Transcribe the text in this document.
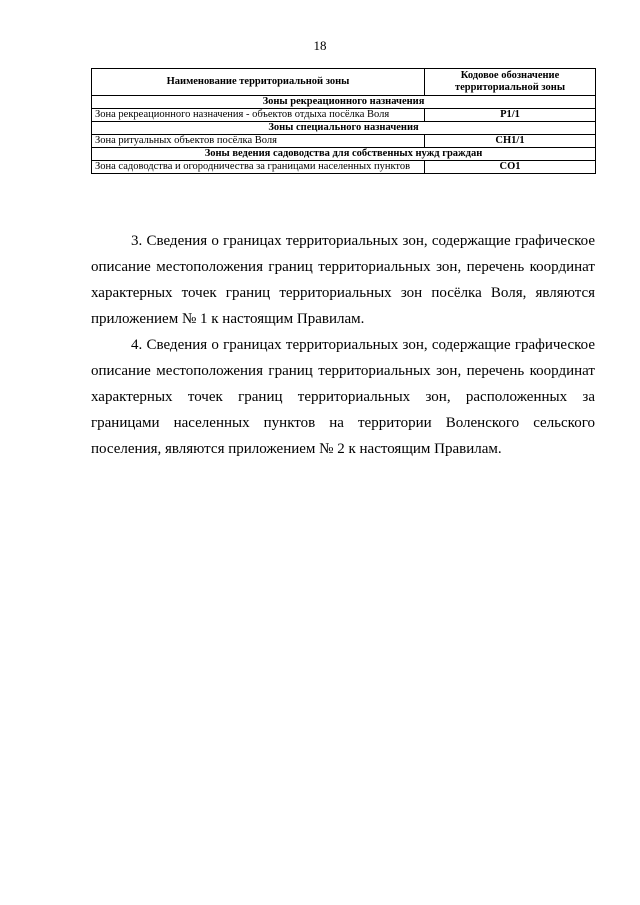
18
Наименование территориальной зоны	Кодовое обозначение территориальной зоны
Зоны рекреационного назначения	
Зона рекреационного назначения - объектов отдыха посёлка Воля	Р1/1
Зоны специального назначения	
Зона ритуальных объектов посёлка Воля	СН1/1
Зоны ведения садоводства для собственных нужд граждан	
Зона садоводства и огородничества за границами населенных пунктов	СО1

3. Сведения о границах территориальных зон, содержащие графическое описание местоположения границ территориальных зон, перечень координат характерных точек границ территориальных зон посёлка Воля, являются приложением № 1 к настоящим Правилам.

4. Сведения о границах территориальных зон, содержащие графическое описание местоположения границ территориальных зон, перечень координат характерных точек границ территориальных зон, расположенных за границами населенных пунктов на территории Воленского сельского поселения, являются приложением № 2 к настоящим Правилам.
